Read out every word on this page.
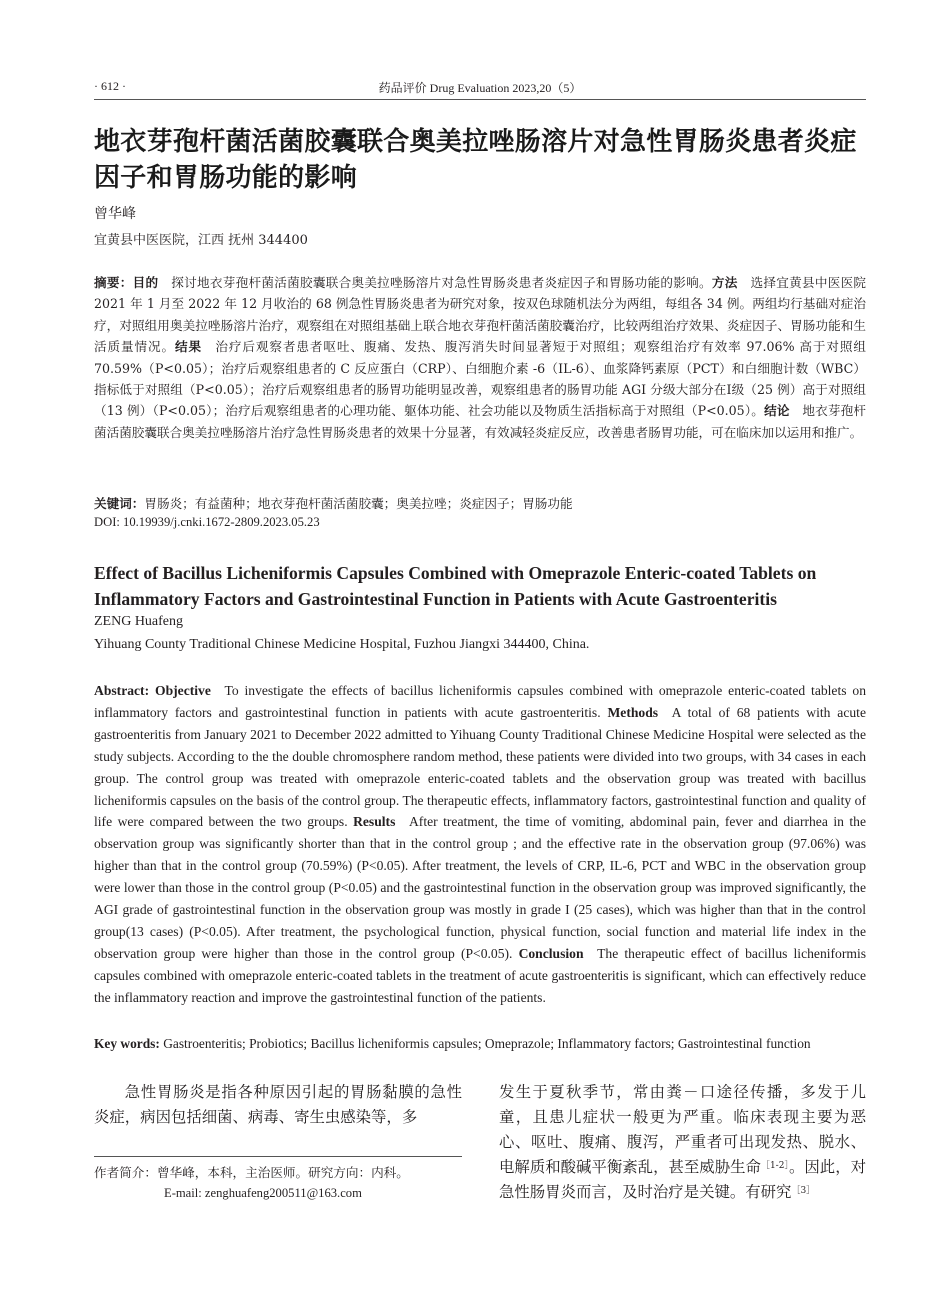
· 612 ·	药品评价 Drug Evaluation 2023,20（5）
地衣芽孢杆菌活菌胶囊联合奥美拉唑肠溶片对急性胃肠炎患者炎症因子和胃肠功能的影响
曾华峰
宜黄县中医医院，江西 抚州 344400
摘要：目的  探讨地衣芽孢杆菌活菌胶囊联合奥美拉唑肠溶片对急性胃肠炎患者炎症因子和胃肠功能的影响。方法  选择宜黄县中医医院 2021 年 1 月至 2022 年 12 月收治的 68 例急性胃肠炎患者为研究对象，按双色球随机法分为两组，每组各 34 例。两组均行基础对症治疗，对照组用奥美拉唑肠溶片治疗，观察组在对照组基础上联合地衣芽孢杆菌活菌胶囊治疗，比较两组治疗效果、炎症因子、胃肠功能和生活质量情况。结果  治疗后观察者患者呕吐、腹痛、发热、腹泻消失时间显著短于对照组；观察组治疗有效率 97.06% 高于对照组 70.59%（P<0.05）；治疗后观察组患者的 C 反应蛋白（CRP）、白细胞介素 -6（IL-6）、血浆降钙素原（PCT）和白细胞计数（WBC）指标低于对照组（P<0.05）；治疗后观察组患者的肠胃功能明显改善，观察组患者的肠胃功能 AGI 分级大部分在Ⅰ级（25 例）高于对照组（13 例）（P<0.05）；治疗后观察组患者的心理功能、躯体功能、社会功能以及物质生活指标高于对照组（P<0.05）。结论  地衣芽孢杆菌活菌胶囊联合奥美拉唑肠溶片治疗急性胃肠炎患者的效果十分显著，有效减轻炎症反应，改善患者肠胃功能，可在临床加以运用和推广。
关键词：胃肠炎；有益菌种；地衣芽孢杆菌活菌胶囊；奥美拉唑；炎症因子；胃肠功能
DOI: 10.19939/j.cnki.1672-2809.2023.05.23
Effect of Bacillus Licheniformis Capsules Combined with Omeprazole Enteric-coated Tablets on Inflammatory Factors and Gastrointestinal Function in Patients with Acute Gastroenteritis
ZENG Huafeng
Yihuang County Traditional Chinese Medicine Hospital, Fuzhou Jiangxi 344400, China.
Abstract: Objective  To investigate the effects of bacillus licheniformis capsules combined with omeprazole enteric-coated tablets on inflammatory factors and gastrointestinal function in patients with acute gastroenteritis. Methods  A total of 68 patients with acute gastroenteritis from January 2021 to December 2022 admitted to Yihuang County Traditional Chinese Medicine Hospital were selected as the study subjects. According to the the double chromosphere random method, these patients were divided into two groups, with 34 cases in each group. The control group was treated with omeprazole enteric-coated tablets and the observation group was treated with bacillus licheniformis capsules on the basis of the control group. The therapeutic effects, inflammatory factors, gastrointestinal function and quality of life were compared between the two groups. Results  After treatment, the time of vomiting, abdominal pain, fever and diarrhea in the observation group was significantly shorter than that in the control group ; and the effective rate in the observation group (97.06%) was higher than that in the control group (70.59%) (P<0.05). After treatment, the levels of CRP, IL-6, PCT and WBC in the observation group were lower than those in the control group (P<0.05) and the gastrointestinal function in the observation group was improved significantly, the AGI grade of gastrointestinal function in the observation group was mostly in grade I (25 cases), which was higher than that in the control group(13 cases) (P<0.05). After treatment, the psychological function, physical function, social function and material life index in the observation group were higher than those in the control group (P<0.05). Conclusion  The therapeutic effect of bacillus licheniformis capsules combined with omeprazole enteric-coated tablets in the treatment of acute gastroenteritis is significant, which can effectively reduce the inflammatory reaction and improve the gastrointestinal function of the patients.
Key words: Gastroenteritis; Probiotics; Bacillus licheniformis capsules; Omeprazole; Inflammatory factors; Gastrointestinal function
急性胃肠炎是指各种原因引起的胃肠黏膜的急性炎症，病因包括细菌、病毒、寄生虫感染等，多
作者简介：曾华峰，本科，主治医师。研究方向：内科。
E-mail: zenghuafeng200511@163.com
发生于夏秋季节，常由粪－口途径传播，多发于儿童，且患儿症状一般更为严重。临床表现主要为恶心、呕吐、腹痛、腹泻，严重者可出现发热、脱水、电解质和酸碱平衡紊乱，甚至威胁生命$^{[1-2]}$。因此，对急性肠胃炎而言，及时治疗是关键。有研究$^{[3]}$
